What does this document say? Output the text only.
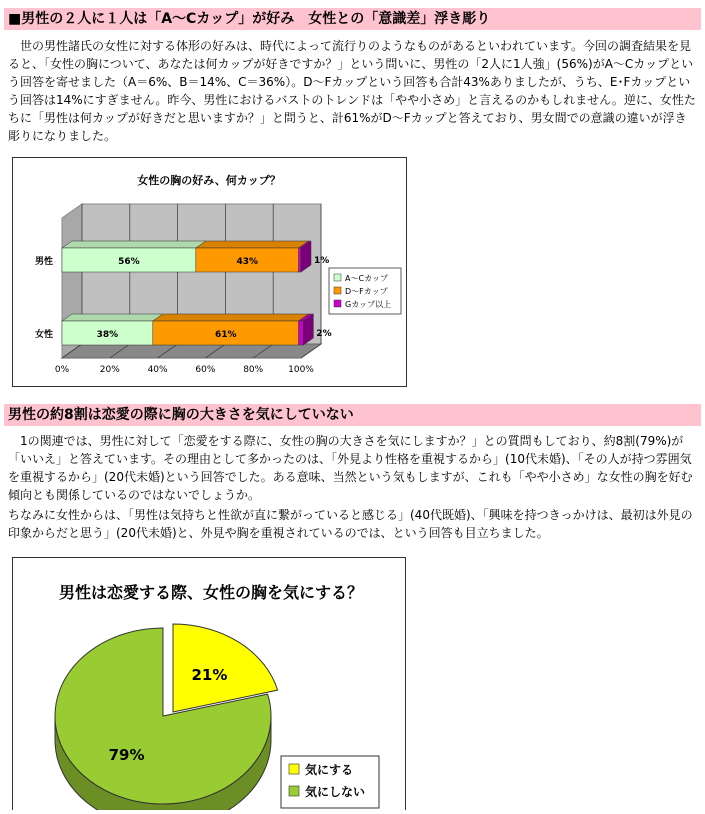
■男性の２人に１人は「A～Cカップ」が好み　女性との「意識差」浮き彫り

世の男性諸氏の女性に対する体形の好みは、時代によって流行りのようなものがあるといわれています。今回の調査結果を見ると、「女性の胸について、あなたは何カップが好きですか？」という問いに、男性の「2人に1人強」(56%)がA～Cカップという回答を寄せました（A＝6%、B＝14%、C＝36%）。D～Fカップという回答も合計43%ありましたが、うち、E･Fカップという回答は14%にすぎません。昨今、男性におけるバストのトレンドは「やや小さめ」と言えるのかもしれません。逆に、女性たちに「男性は何カップが好きだと思いますか？」と問うと、計61%がD～Fカップと答えており、男女間での意識の違いが浮き彫りになりました。

女性の胸の好み、何カップ？
0%	20%	40%	60%	80%	100%
男性	56%	43%	1%
女性	38%	61%	2%
A～Cカップ
D～Fカップ
Gカップ以上
男性の約8割は恋愛の際に胸の大きさを気にしていない

1の関連では、男性に対して「恋愛をする際に、女性の胸の大きさを気にしますか？」との質問もしており、約8割(79%)が「いいえ」と答えています。その理由として多かったのは、「外見より性格を重視するから」(10代未婚)、「その人が持つ雰囲気を重視するから」(20代未婚)という回答でした。ある意味、当然という気もしますが、これも「やや小さめ」な女性の胸を好む傾向とも関係しているのではないでしょうか。

ちなみに女性からは、「男性は気持ちと性欲が直に繋がっていると感じる」(40代既婚)、「興味を持つきっかけは、最初は外見の印象からだと思う」(20代未婚)と、外見や胸を重視されているのでは、という回答も目立ちました。

男性は恋愛する際、女性の胸を気にする？
21%
79%
気にする
気にしない
